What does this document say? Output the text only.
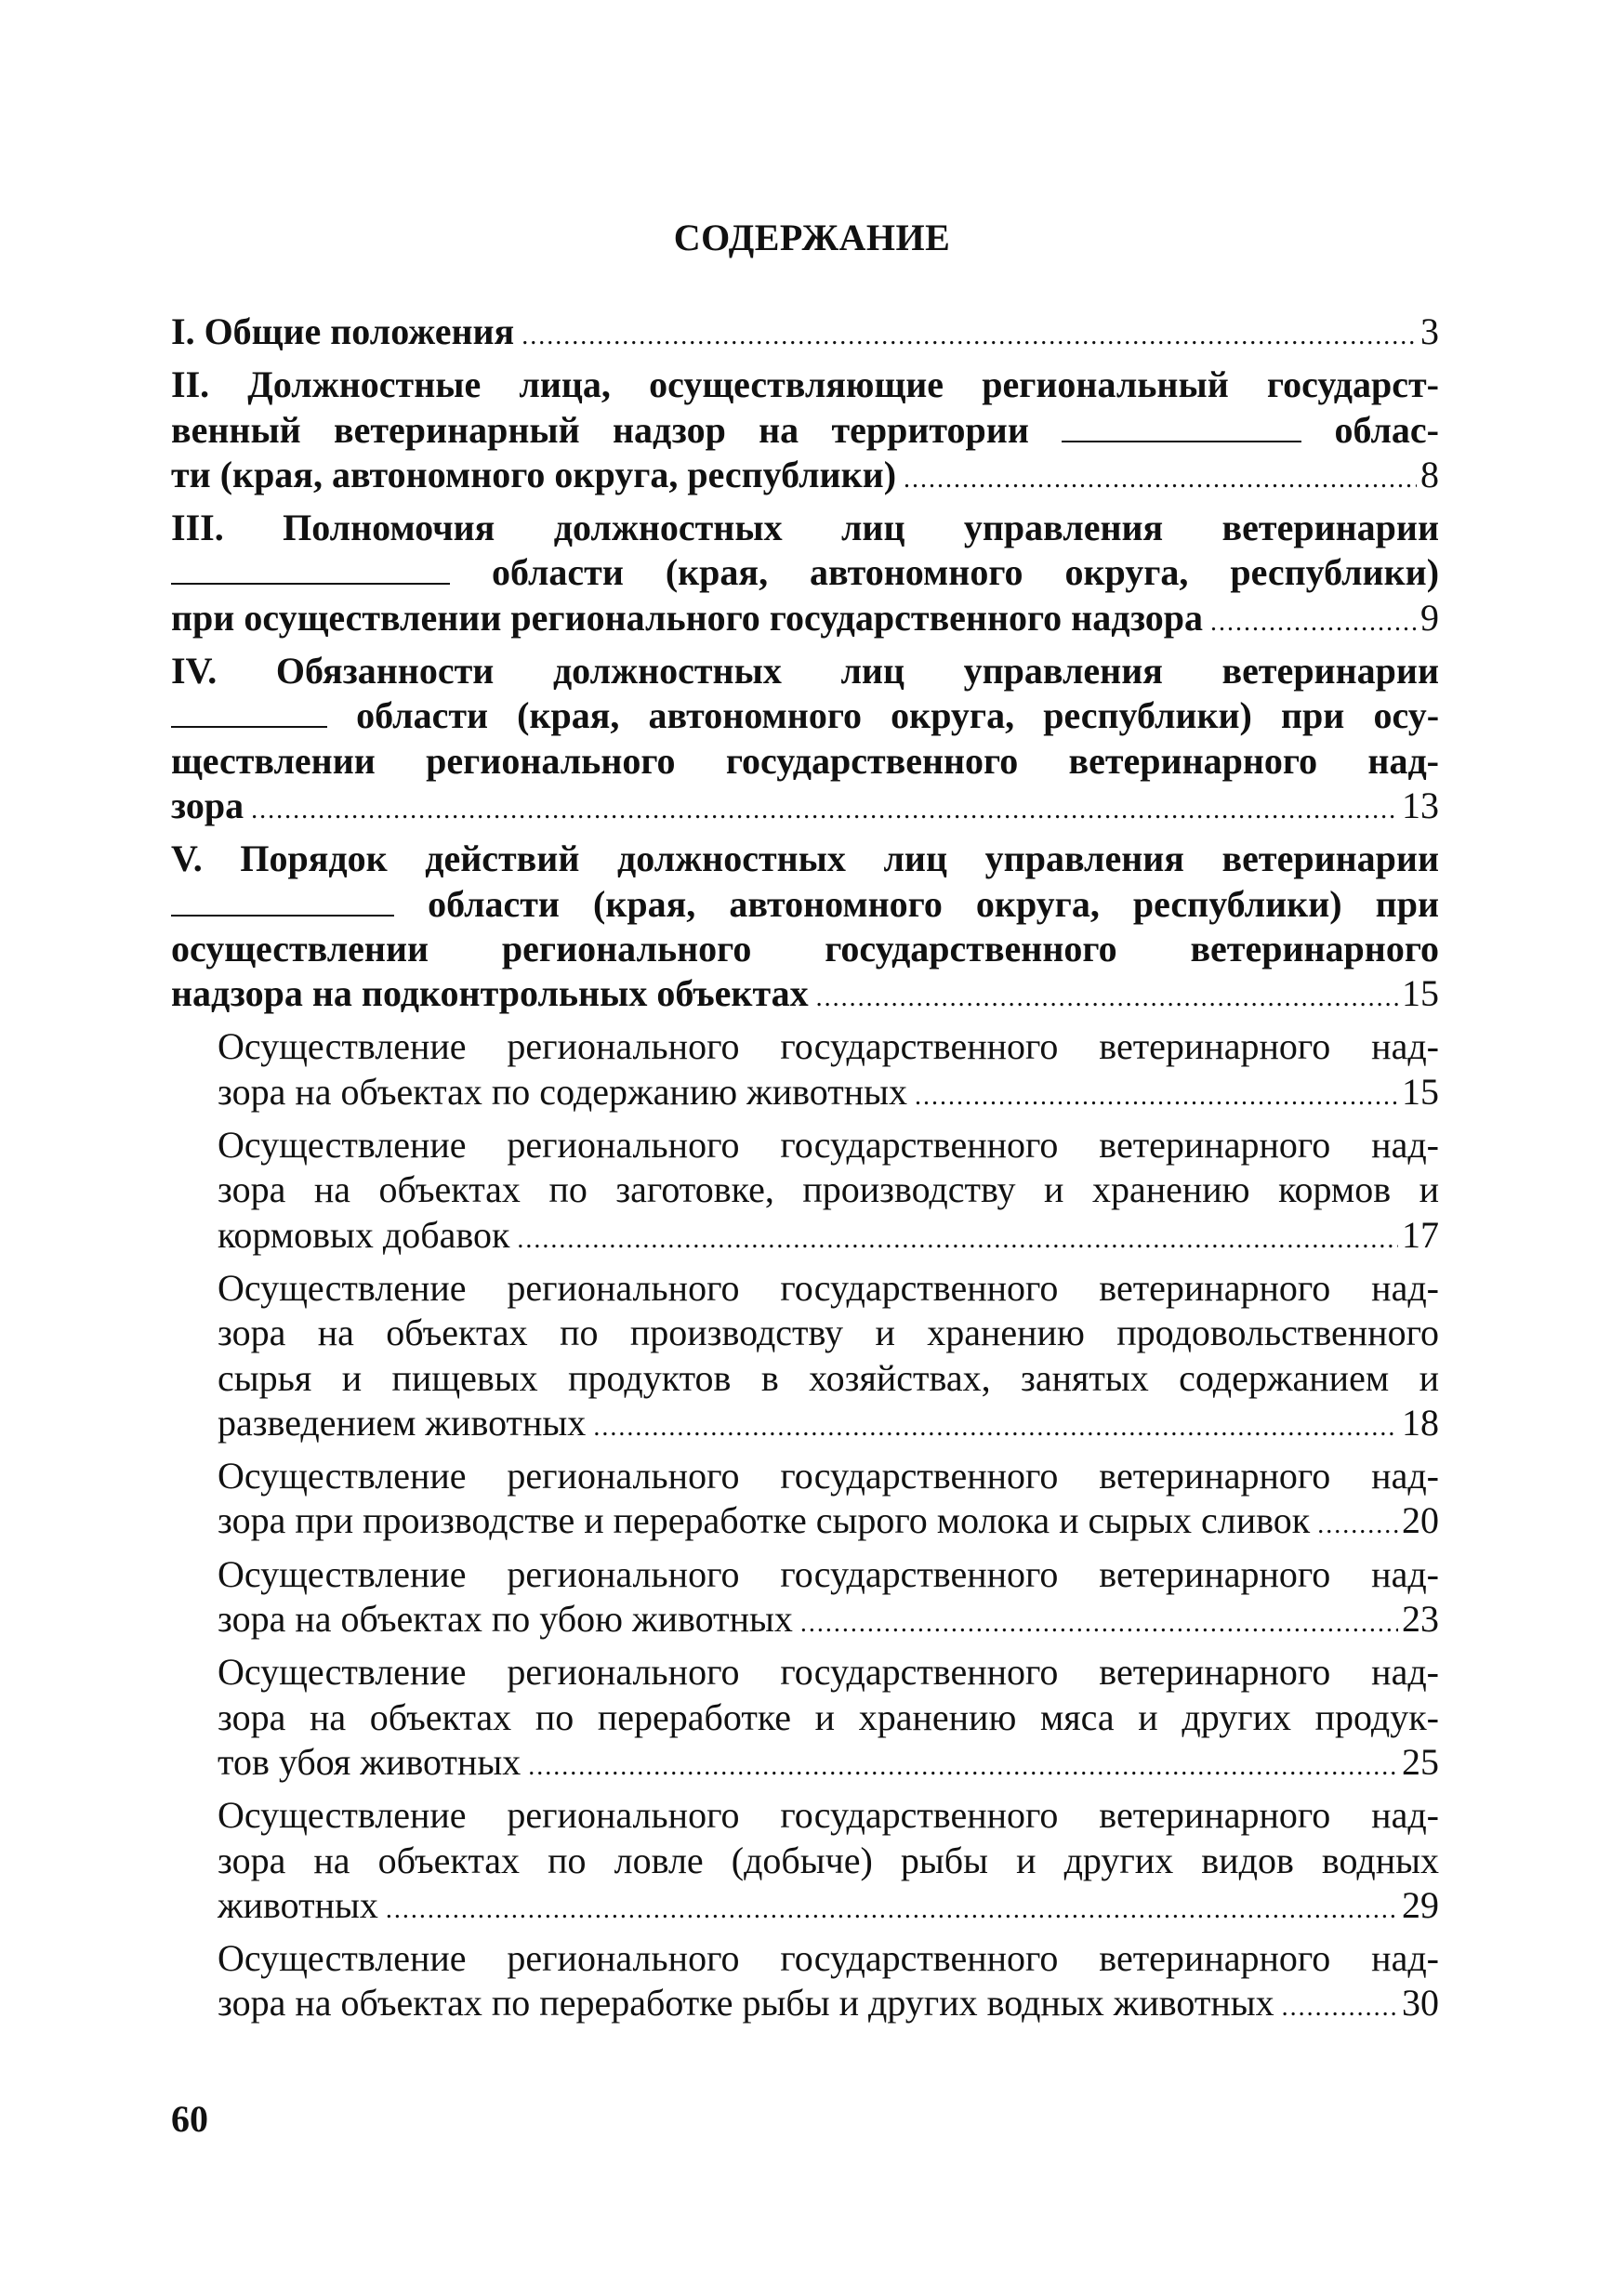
СОДЕРЖАНИЕ

I. Общие положения .....	3

II. Должностные лица, осуществляющие региональный государст-

венный ветеринарный надзор на территории	облас-

ти (края, автономного округа, республики) .....	8

III. Полномочия должностных лиц управления ветеринарии

области (края, автономного округа, республики)

при осуществлении регионального государственного надзора .....	9

IV. Обязанности должностных лиц управления ветеринарии

области (края, автономного округа, республики) при осу-

ществлении регионального государственного ветеринарного над-

зора .....	13

V. Порядок действий должностных лиц управления ветеринарии

области (края, автономного округа, республики) при

осуществлении регионального государственного ветеринарного

надзора на подконтрольных объектах .....	15

Осуществление регионального государственного ветеринарного над-

зора на объектах по содержанию животных .....	15

Осуществление регионального государственного ветеринарного над-

зора на объектах по заготовке, производству и хранению кормов и

кормовых добавок .....	17

Осуществление регионального государственного ветеринарного над-

зора на объектах по производству и хранению продовольственного

сырья и пищевых продуктов в хозяйствах, занятых содержанием и

разведением животных .....	18

Осуществление регионального государственного ветеринарного над-

зора при производстве и переработке сырого молока и сырых сливок ..... 20

Осуществление регионального государственного ветеринарного над-

зора на объектах по убою животных .....	23

Осуществление регионального государственного ветеринарного над-

зора на объектах по переработке и хранению мяса и других продук-

тов убоя животных .....	25

Осуществление регионального государственного ветеринарного над-

зора на объектах по ловле (добыче) рыбы и других видов водных

животных .....	29

Осуществление регионального государственного ветеринарного над-

зора на объектах по переработке рыбы и других водных животных .....	30

60
